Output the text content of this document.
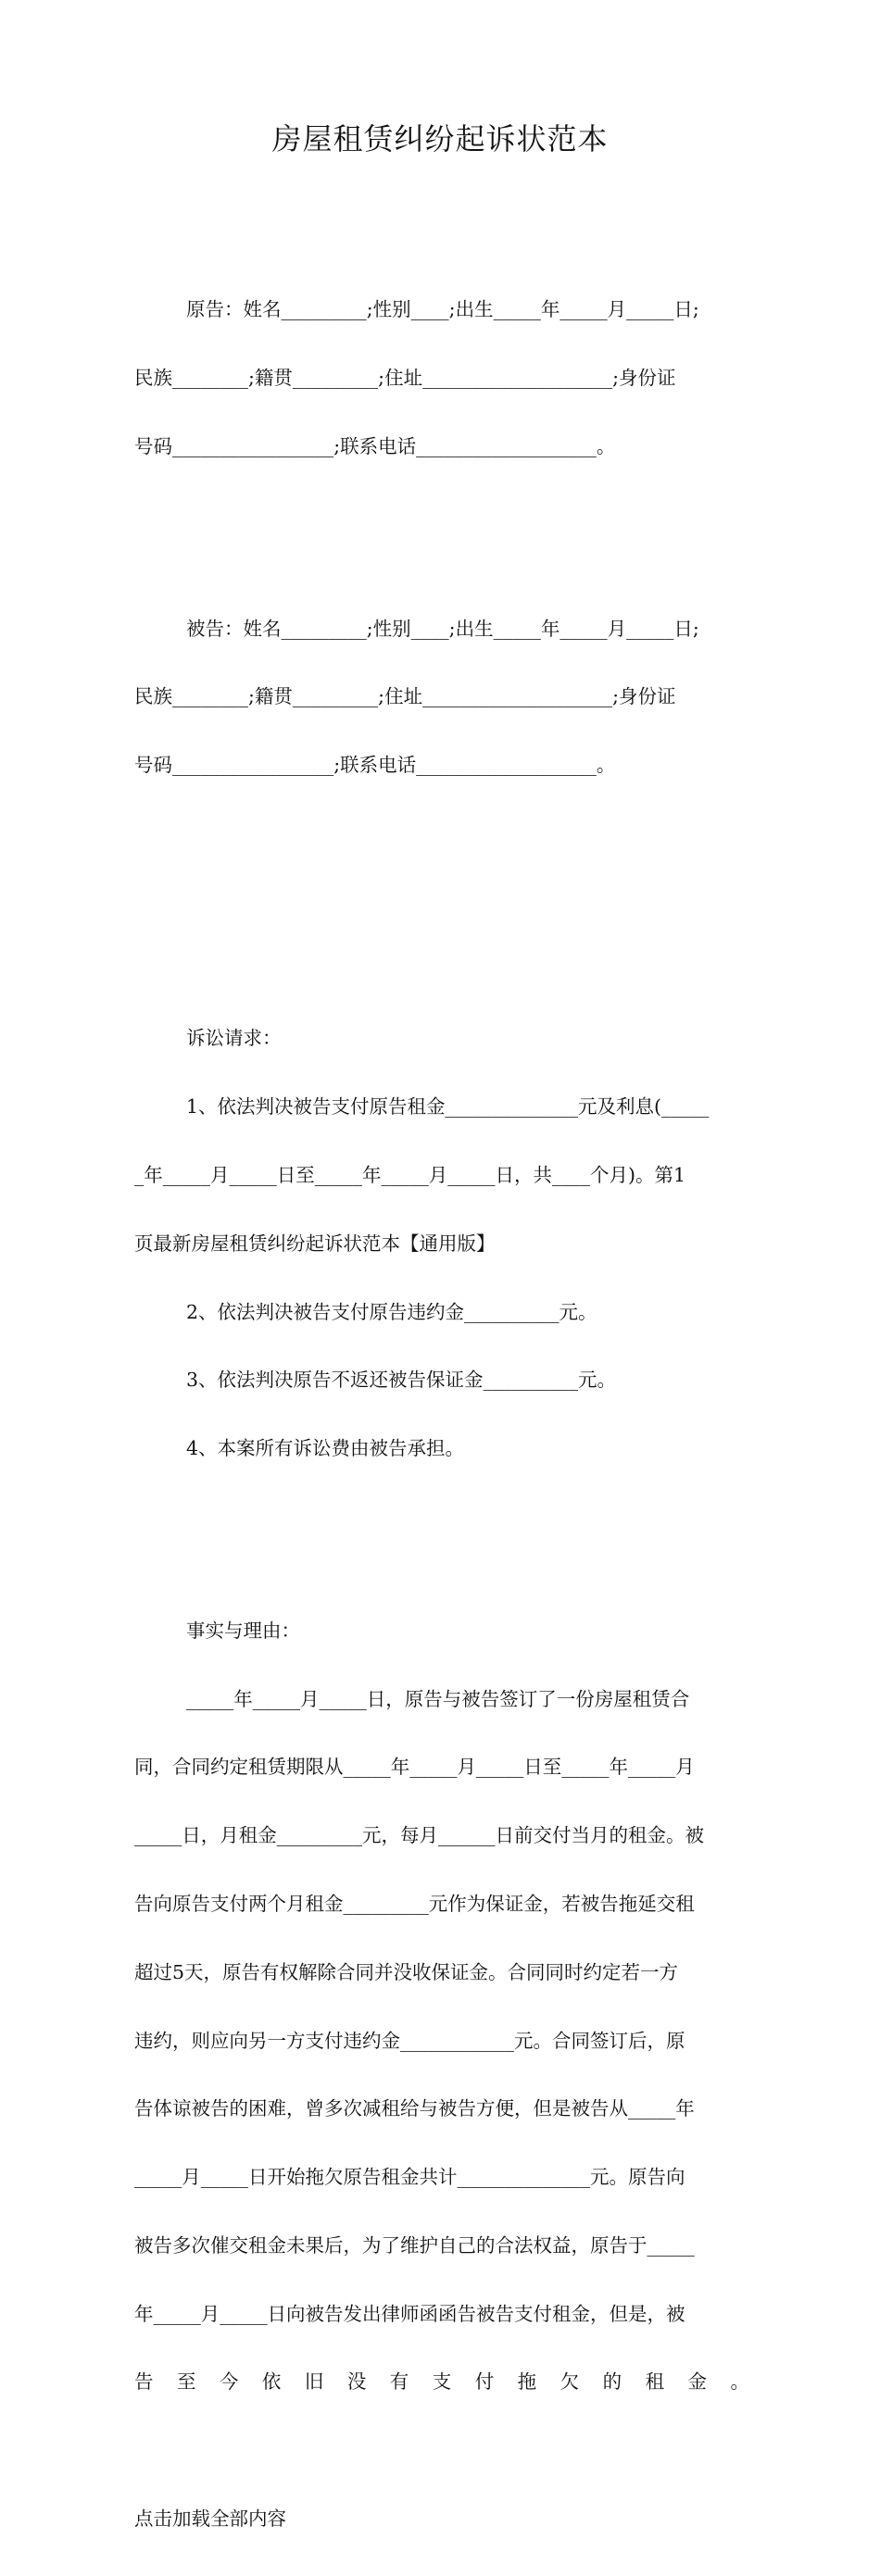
房屋租赁纠纷起诉状范本

原告：姓名_________;性别____;出生_____年_____月_____日;

民族________;籍贯_________;住址____________________;身份证

号码_________________;联系电话___________________。

被告：姓名_________;性别____;出生_____年_____月_____日;

民族________;籍贯_________;住址____________________;身份证

号码_________________;联系电话___________________。

诉讼请求：

1、依法判决被告支付原告租金______________元及利息(_____

_年_____月_____日至_____年_____月_____日，共____个月)。第1

页最新房屋租赁纠纷起诉状范本【通用版】

2、依法判决被告支付原告违约金__________元。

3、依法判决原告不返还被告保证金__________元。

4、本案所有诉讼费由被告承担。

事实与理由：

_____年_____月_____日，原告与被告签订了一份房屋租赁合

同，合同约定租赁期限从_____年_____月_____日至_____年_____月

_____日，月租金_________元，每月______日前交付当月的租金。被

告向原告支付两个月租金_________元作为保证金，若被告拖延交租

超过5天，原告有权解除合同并没收保证金。合同同时约定若一方

违约，则应向另一方支付违约金____________元。合同签订后，原

告体谅被告的困难，曾多次减租给与被告方便，但是被告从_____年

_____月_____日开始拖欠原告租金共计______________元。原告向

被告多次催交租金未果后，为了维护自己的合法权益，原告于_____

年_____月_____日向被告发出律师函函告被告支付租金，但是，被

告至今依旧没有支付拖欠的租金。

点击加载全部内容
